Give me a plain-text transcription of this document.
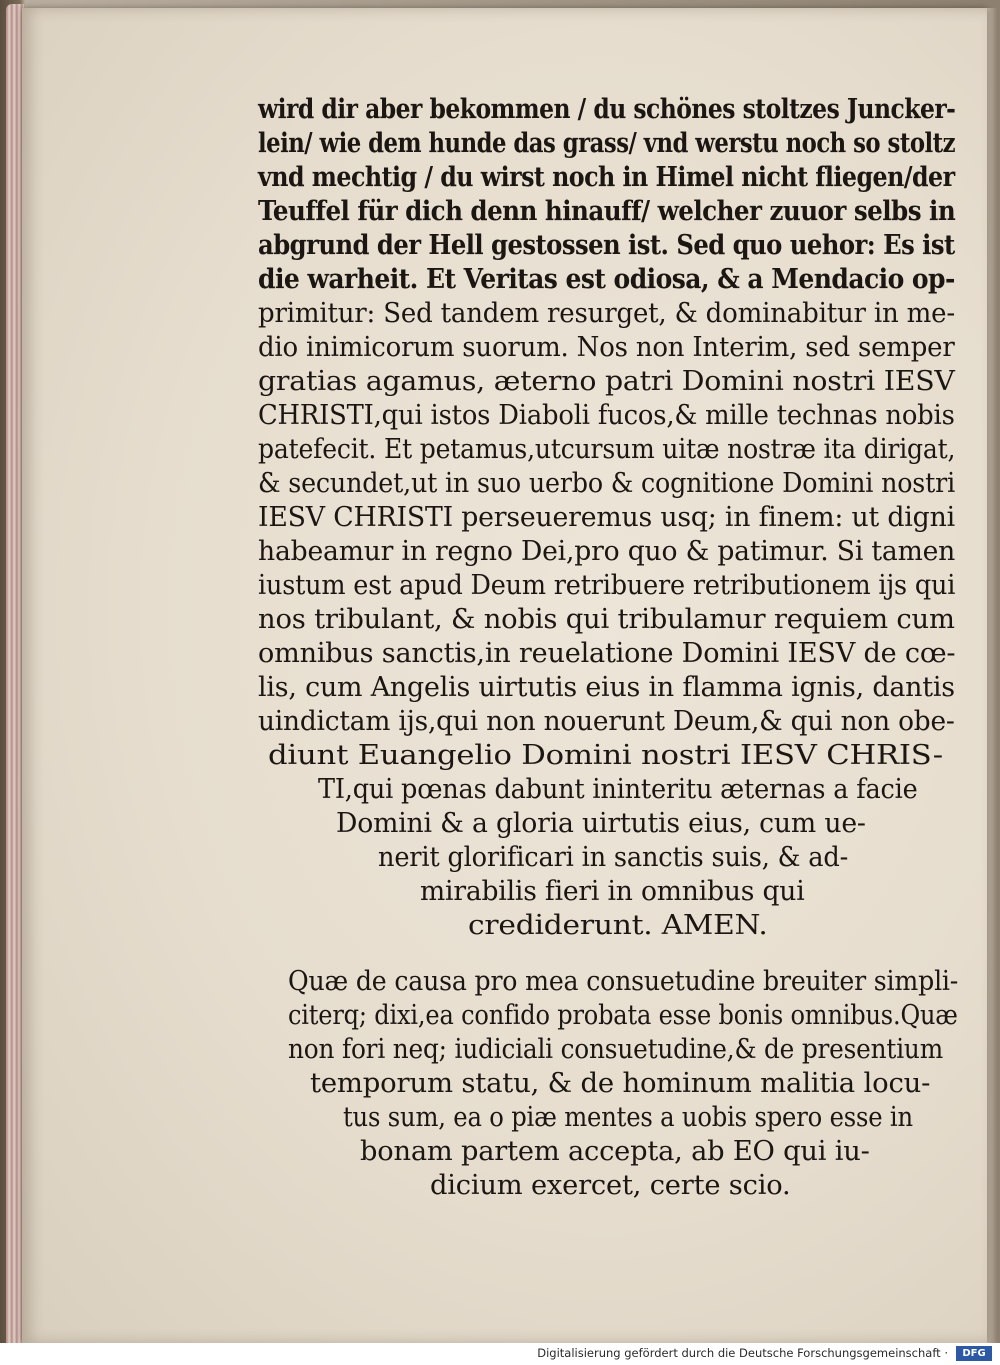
wird dir aber bekommen / du schönes stoltzes Juncker-
lein/ wie dem hunde das grass/ vnd werstu noch so stoltz
vnd mechtig / du wirst noch in Himel nicht fliegen/der
Teuffel für dich denn hinauff/ welcher zuuor selbs in
abgrund der Hell gestossen ist. Sed quo uehor: Es ist
die warheit. Et Veritas est odiosa, & a Mendacio op-
primitur: Sed tandem resurget, & dominabitur in me-
dio inimicorum suorum. Nos non Interim, sed semper
gratias agamus, æterno patri Domini nostri IESV
CHRISTI,qui istos Diaboli fucos,& mille technas nobis
patefecit. Et petamus,utcursum uitæ nostræ ita dirigat,
& secundet,ut in suo uerbo & cognitione Domini nostri
IESV CHRISTI perseueremus usq; in finem: ut digni
habeamur in regno Dei,pro quo & patimur. Si tamen
iustum est apud Deum retribuere retributionem ijs qui
nos tribulant, & nobis qui tribulamur requiem cum
omnibus sanctis,in reuelatione Domini IESV de cœ-
lis, cum Angelis uirtutis eius in flamma ignis, dantis
uindictam ijs,qui non nouerunt Deum,& qui non obe-
diunt Euangelio Domini nostri IESV CHRIS-
TI,qui pœnas dabunt ininteritu æternas a facie
Domini & a gloria uirtutis eius, cum ue-
nerit glorificari in sanctis suis, & ad-
mirabilis fieri in omnibus qui
crediderunt. AMEN.
Quæ de causa pro mea consuetudine breuiter simpli-
citerq; dixi,ea confido probata esse bonis omnibus.Quæ
non fori neq; iudiciali consuetudine,& de presentium
temporum statu, & de hominum malitia locu-
tus sum, ea o piæ mentes a uobis spero esse in
bonam partem accepta, ab EO qui iu-
dicium exercet, certe scio.
Digitalisierung gefördert durch die Deutsche Forschungsgemeinschaft ·	DFG
